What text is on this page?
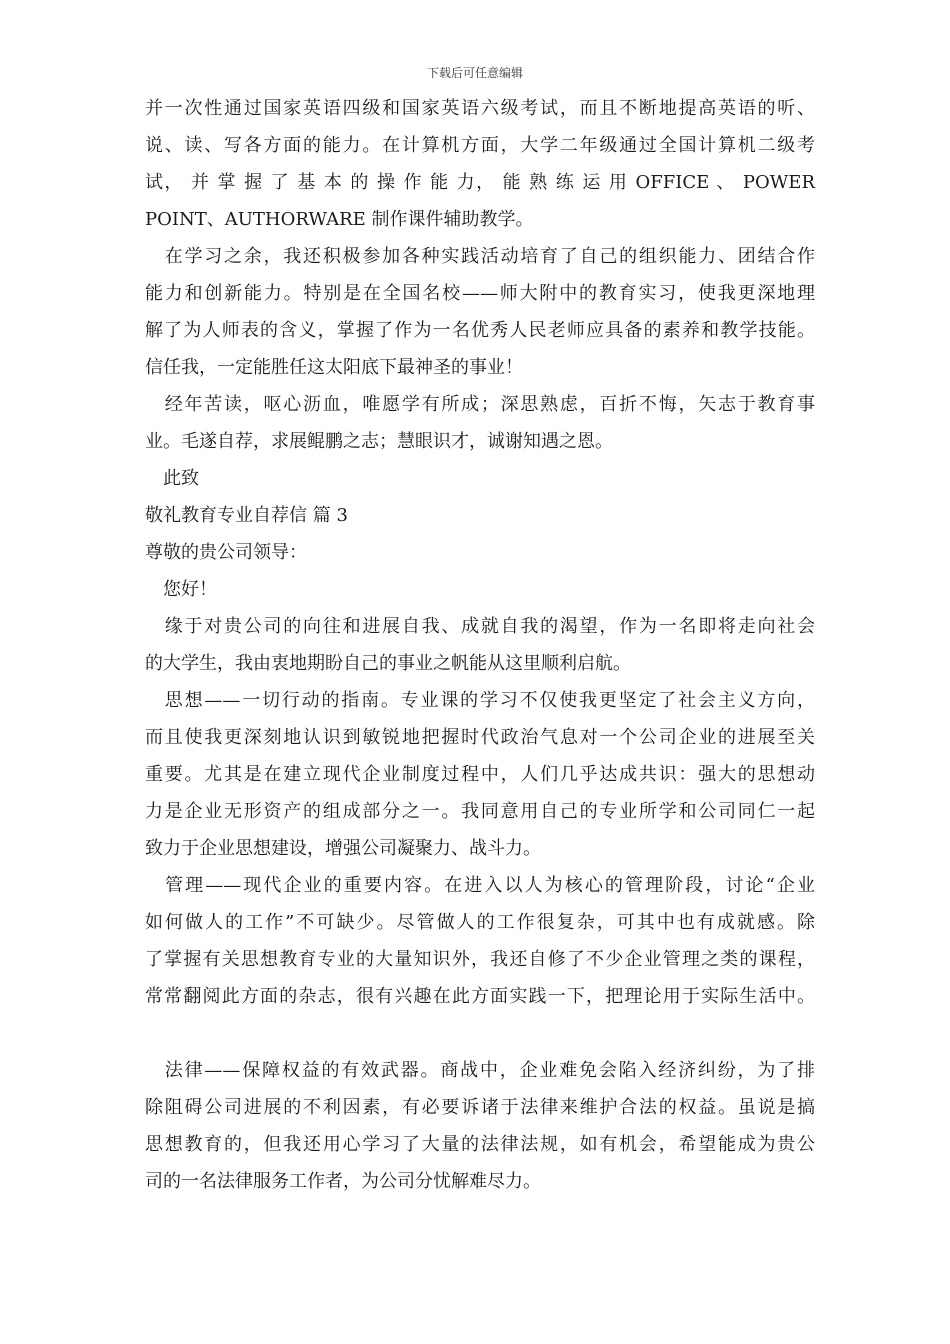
下载后可任意编辑
并一次性通过国家英语四级和国家英语六级考试，而且不断地提高英语的听、
说、读、写各方面的能力。在计算机方面，大学二年级通过全国计算机二级考
试， 并 掌 握 了 基 本 的 操 作 能 力， 能 熟 练 运 用 OFFICE 、 POWER
POINT、AUTHORWARE 制作课件辅助教学。
　在学习之余，我还积极参加各种实践活动培育了自己的组织能力、团结合作
能力和创新能力。特别是在全国名校——师大附中的教育实习，使我更深地理
解了为人师表的含义，掌握了作为一名优秀人民老师应具备的素养和教学技能。
信任我，一定能胜任这太阳底下最神圣的事业！
　经年苦读，呕心沥血，唯愿学有所成；深思熟虑，百折不悔，矢志于教育事
业。毛遂自荐，求展鲲鹏之志；慧眼识才，诚谢知遇之恩。
　此致
敬礼教育专业自荐信 篇 3
尊敬的贵公司领导：
　您好！
　缘于对贵公司的向往和进展自我、成就自我的渴望，作为一名即将走向社会
的大学生，我由衷地期盼自己的事业之帆能从这里顺利启航。
　思想——一切行动的指南。专业课的学习不仅使我更坚定了社会主义方向，
而且使我更深刻地认识到敏锐地把握时代政治气息对一个公司企业的进展至关
重要。尤其是在建立现代企业制度过程中，人们几乎达成共识：强大的思想动
力是企业无形资产的组成部分之一。我同意用自己的专业所学和公司同仁一起
致力于企业思想建设，增强公司凝聚力、战斗力。
　管理——现代企业的重要内容。在进入以人为核心的管理阶段，讨论“企业
如何做人的工作”不可缺少。尽管做人的工作很复杂，可其中也有成就感。除
了掌握有关思想教育专业的大量知识外，我还自修了不少企业管理之类的课程，
常常翻阅此方面的杂志，很有兴趣在此方面实践一下，把理论用于实际生活中。
　法律——保障权益的有效武器。商战中，企业难免会陷入经济纠纷，为了排
除阻碍公司进展的不利因素，有必要诉诸于法律来维护合法的权益。虽说是搞
思想教育的，但我还用心学习了大量的法律法规，如有机会，希望能成为贵公
司的一名法律服务工作者，为公司分忧解难尽力。
